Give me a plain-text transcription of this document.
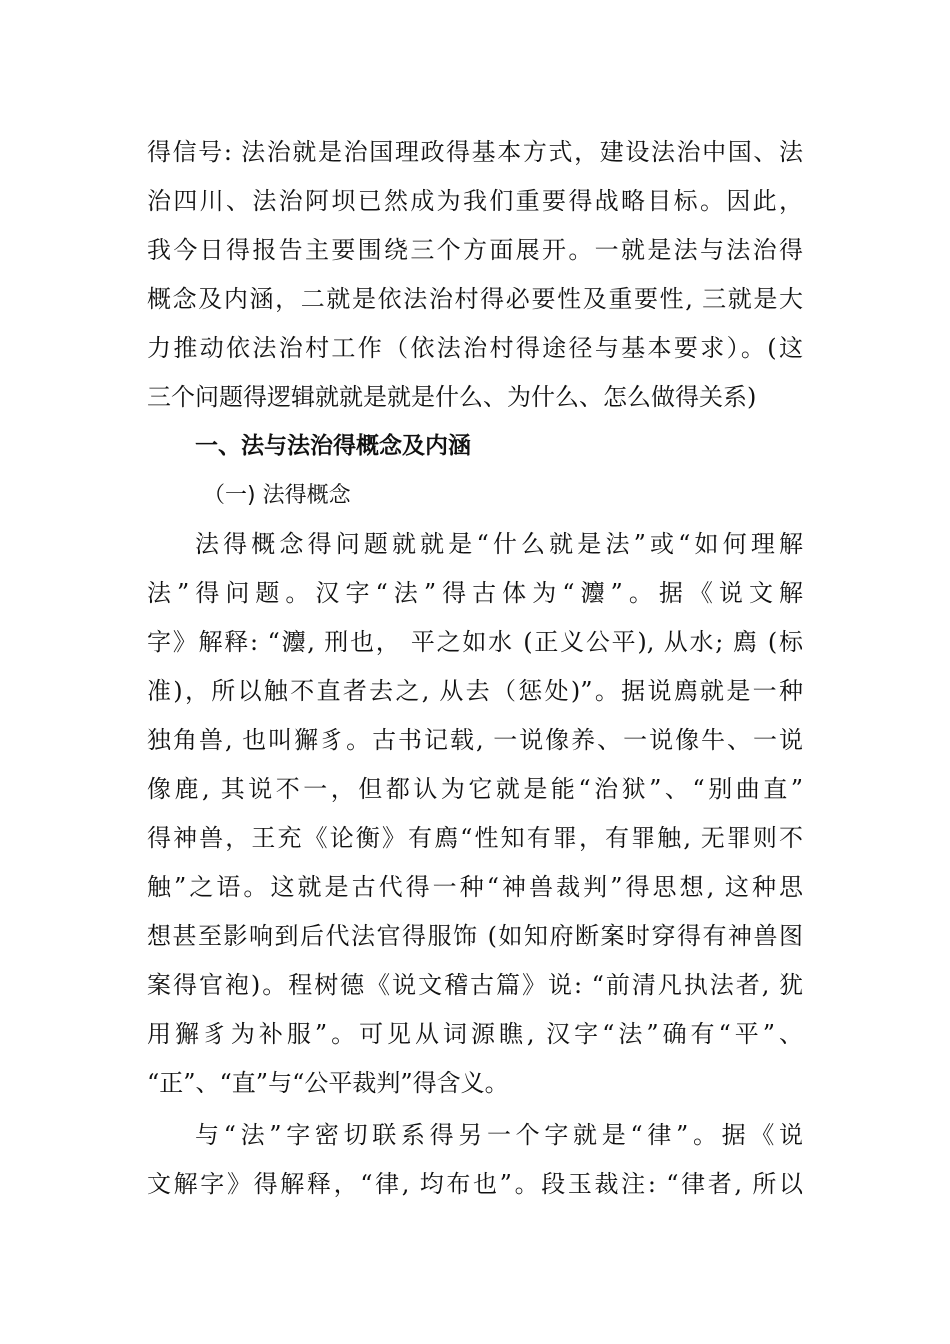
得信号: 法治就是治国理政得基本方式，建设法治中国、法
治四川、法治阿坝已然成为我们重要得战略目标。因此，
我今日得报告主要围绕三个方面展开。一就是法与法治得
概念及内涵，二就是依法治村得必要性及重要性, 三就是大
力推动依法治村工作（依法治村得途径与基本要求）。(这
三个问题得逻辑就就是就是什么、为什么、怎么做得关系)
一、法与法治得概念及内涵
（一) 法得概念
法得概念得问题就就是“什么就是法”或“如何理解
法”得问题。汉字“法”得古体为“灋”。据《说文解
字》解释: “灋, 刑也， 平之如水 (正义公平), 从水; 廌 (标
准)，所以触不直者去之, 从去（惩处)”。据说廌就是一种
独角兽, 也叫獬豸。古书记载, 一说像养、一说像牛、一说
像鹿, 其说不一，但都认为它就是能“治狱”、“别曲直”
得神兽，王充《论衡》有廌“性知有罪，有罪触, 无罪则不
触”之语。这就是古代得一种“神兽裁判”得思想, 这种思
想甚至影响到后代法官得服饰 (如知府断案时穿得有神兽图
案得官袍)。程树德《说文稽古篇》说: “前清凡执法者, 犹
用獬豸为补服”。可见从词源瞧, 汉字“法”确有“平”、
“正”、“直”与“公平裁判”得含义。
与“法”字密切联系得另一个字就是“律”。据《说
文解字》得解释，“律, 均布也”。段玉裁注: “律者, 所以
